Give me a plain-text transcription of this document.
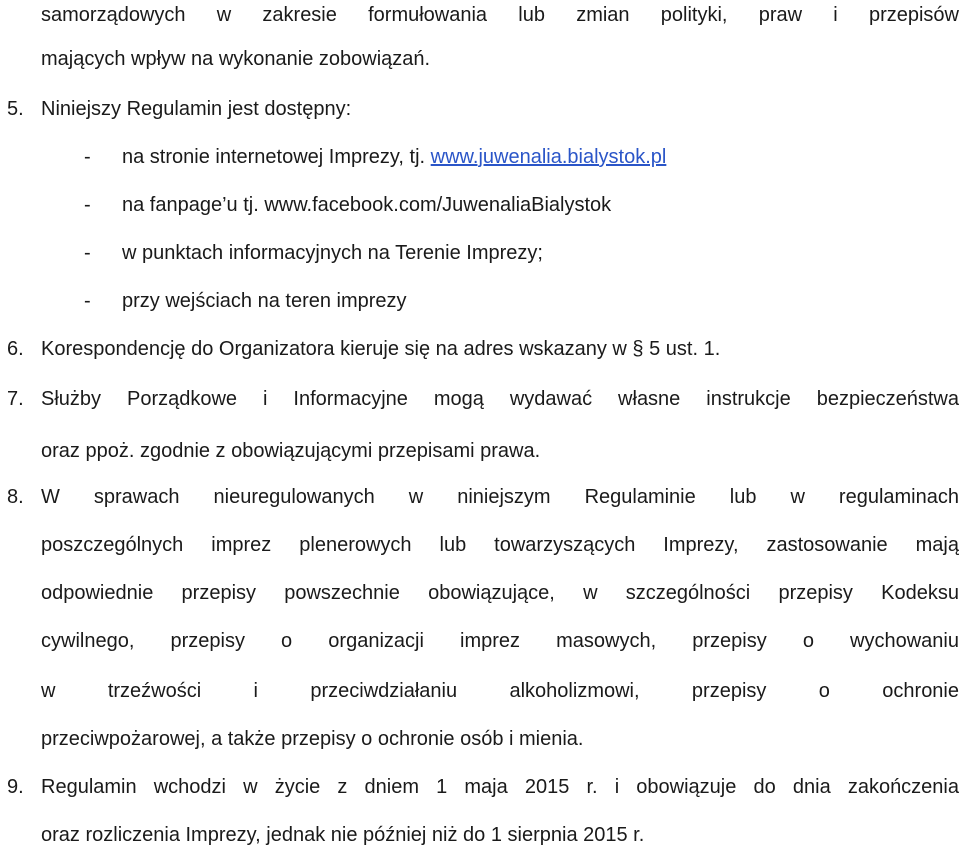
samorządowych w zakresie formułowania lub zmian polityki, praw i przepisów
mających wpływ na wykonanie zobowiązań.
5. Niniejszy Regulamin jest dostępny:
- na stronie internetowej Imprezy, tj. www.juwenalia.bialystok.pl
- na fanpage’u tj. www.facebook.com/JuwenaliaBialystok
- w punktach informacyjnych na Terenie Imprezy;
- przy wejściach na teren imprezy
6. Korespondencję do Organizatora kieruje się na adres wskazany w § 5 ust. 1.
7. Służby Porządkowe i Informacyjne mogą wydawać własne instrukcje bezpieczeństwa
oraz ppoż. zgodnie z obowiązującymi przepisami prawa.
8. W sprawach nieuregulowanych w niniejszym Regulaminie lub w regulaminach
poszczególnych imprez plenerowych lub towarzyszących Imprezy, zastosowanie mają
odpowiednie przepisy powszechnie obowiązujące, w szczególności przepisy Kodeksu
cywilnego, przepisy o organizacji imprez masowych, przepisy o wychowaniu
w trzeźwości i przeciwdziałaniu alkoholizmowi, przepisy o ochronie
przeciwpożarowej, a także przepisy o ochronie osób i mienia.
9. Regulamin wchodzi w życie z dniem 1 maja 2015 r. i obowiązuje do dnia zakończenia
oraz rozliczenia Imprezy, jednak nie później niż do 1 sierpnia 2015 r.
